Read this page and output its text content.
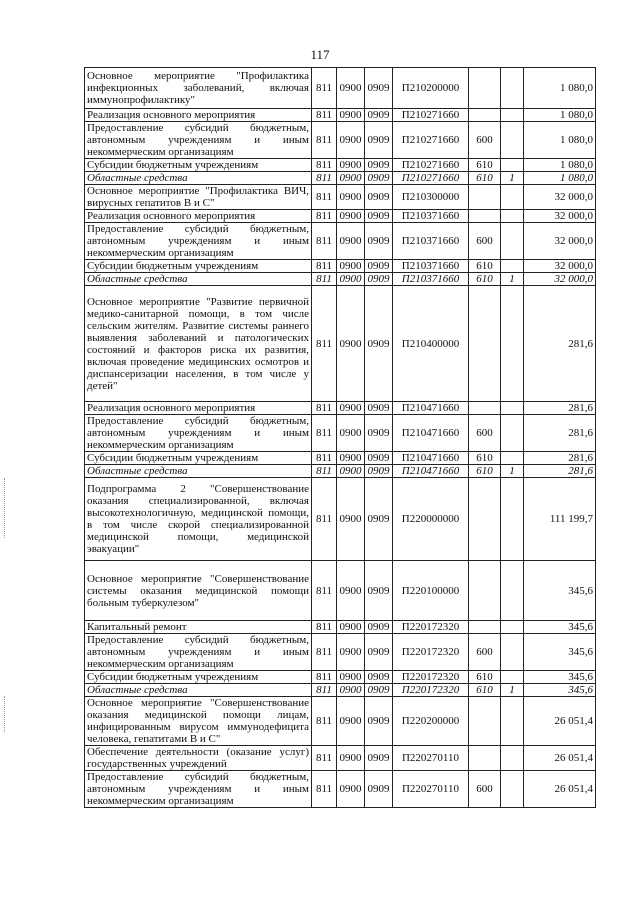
117
Основное мероприятие "Профилактика инфекционных заболеваний, включая иммунопрофилактику"	811	0900	0909	П210200000			1 080,0
Реализация основного мероприятия	811	0900	0909	П210271660			1 080,0
Предоставление субсидий бюджетным, автономным учреждениям и иным некоммерческим организациям	811	0900	0909	П210271660	600		1 080,0
Субсидии бюджетным учреждениям	811	0900	0909	П210271660	610		1 080,0
Областные средства	811	0900	0909	П210271660	610	1	1 080,0
Основное мероприятие "Профилактика ВИЧ, вирусных гепатитов В и С"	811	0900	0909	П210300000			32 000,0
Реализация основного мероприятия	811	0900	0909	П210371660			32 000,0
Предоставление субсидий бюджетным, автономным учреждениям и иным некоммерческим организациям	811	0900	0909	П210371660	600		32 000,0
Субсидии бюджетным учреждениям	811	0900	0909	П210371660	610		32 000,0
Областные средства	811	0900	0909	П210371660	610	1	32 000,0
Основное мероприятие "Развитие первичной медико-санитарной помощи, в том числе сельским жителям. Развитие системы раннего выявления заболеваний и патологических состояний и факторов риска их развития, включая проведение медицинских осмотров и диспансеризации населения, в том числе у детей"	811	0900	0909	П210400000			281,6
Реализация основного мероприятия	811	0900	0909	П210471660			281,6
Предоставление субсидий бюджетным, автономным учреждениям и иным некоммерческим организациям	811	0900	0909	П210471660	600		281,6
Субсидии бюджетным учреждениям	811	0900	0909	П210471660	610		281,6
Областные средства	811	0900	0909	П210471660	610	1	281,6
Подпрограмма 2 "Совершенствование оказания специализированной, включая высокотехнологичную, медицинской помощи, в том числе скорой специализированной медицинской помощи, медицинской эвакуации"	811	0900	0909	П220000000			111 199,7
Основное мероприятие "Совершенствование системы оказания медицинской помощи больным туберкулезом"	811	0900	0909	П220100000			345,6
Капитальный ремонт	811	0900	0909	П220172320			345,6
Предоставление субсидий бюджетным, автономным учреждениям и иным некоммерческим организациям	811	0900	0909	П220172320	600		345,6
Субсидии бюджетным учреждениям	811	0900	0909	П220172320	610		345,6
Областные средства	811	0900	0909	П220172320	610	1	345,6
Основное мероприятие "Совершенствование оказания медицинской помощи лицам, инфицированным вирусом иммунодефицита человека, гепатитами В и С"	811	0900	0909	П220200000			26 051,4
Обеспечение деятельности (оказание услуг) государственных учреждений	811	0900	0909	П220270110			26 051,4
Предоставление субсидий бюджетным, автономным учреждениям и иным некоммерческим организациям	811	0900	0909	П220270110	600		26 051,4
